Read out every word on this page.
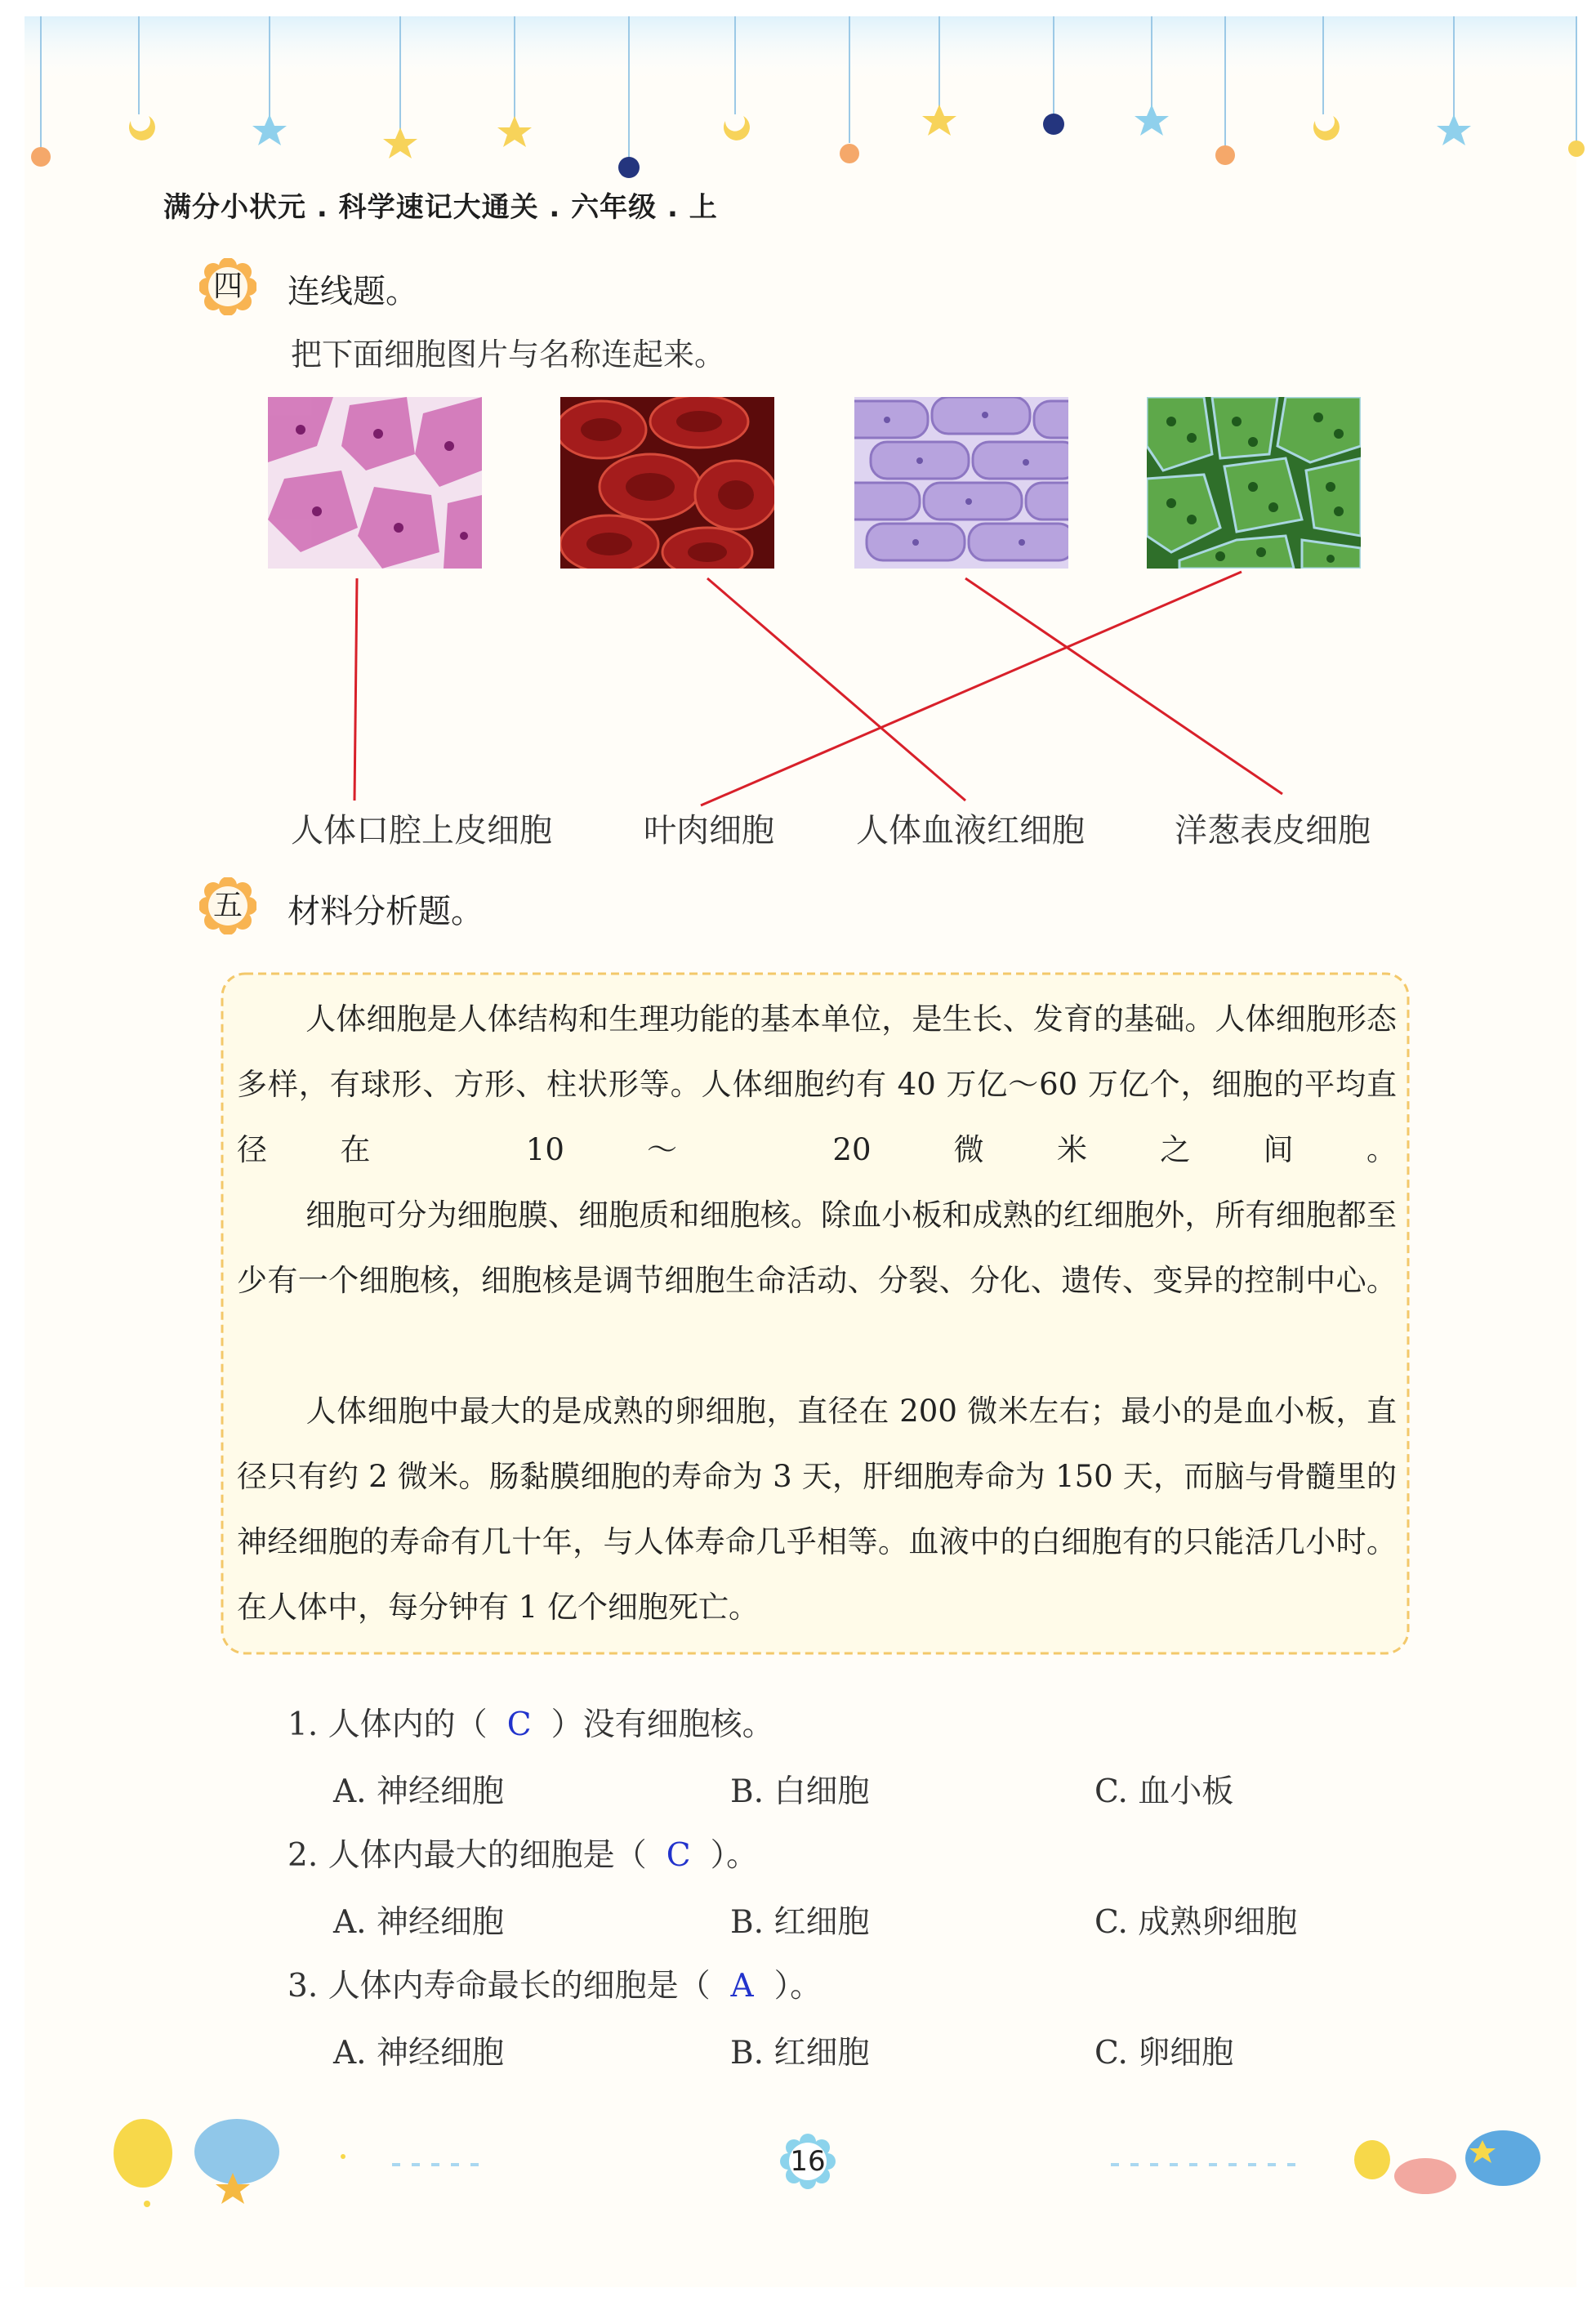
满分小状元 . 科学速记大通关 . 六年级 . 上
四	连线题。
把下面细胞图片与名称连起来。
人体口腔上皮细胞	叶肉细胞	人体血液红细胞	洋葱表皮细胞
五	材料分析题。
人体细胞是人体结构和生理功能的基本单位，是生长、发育的基础。人体细胞形态多样，有球形、方形、柱状形等。人体细胞约有 40 万亿～60 万亿个，细胞的平均直径在 10 ～ 20 微米之间。
细胞可分为细胞膜、细胞质和细胞核。除血小板和成熟的红细胞外，所有细胞都至少有一个细胞核，细胞核是调节细胞生命活动、分裂、分化、遗传、变异的控制中心。
人体细胞中最大的是成熟的卵细胞，直径在 200 微米左右；最小的是血小板，直径只有约 2 微米。肠黏膜细胞的寿命为 3 天，肝细胞寿命为 150 天，而脑与骨髓里的神经细胞的寿命有几十年，与人体寿命几乎相等。血液中的白细胞有的只能活几小时。在人体中，每分钟有 1 亿个细胞死亡。
1. 人体内的（ C ）没有细胞核。
A. 神经细胞	B. 白细胞	C. 血小板
2. 人体内最大的细胞是（ C ）。
A. 神经细胞	B. 红细胞	C. 成熟卵细胞
3. 人体内寿命最长的细胞是（ A ）。
A. 神经细胞	B. 红细胞	C. 卵细胞
16
